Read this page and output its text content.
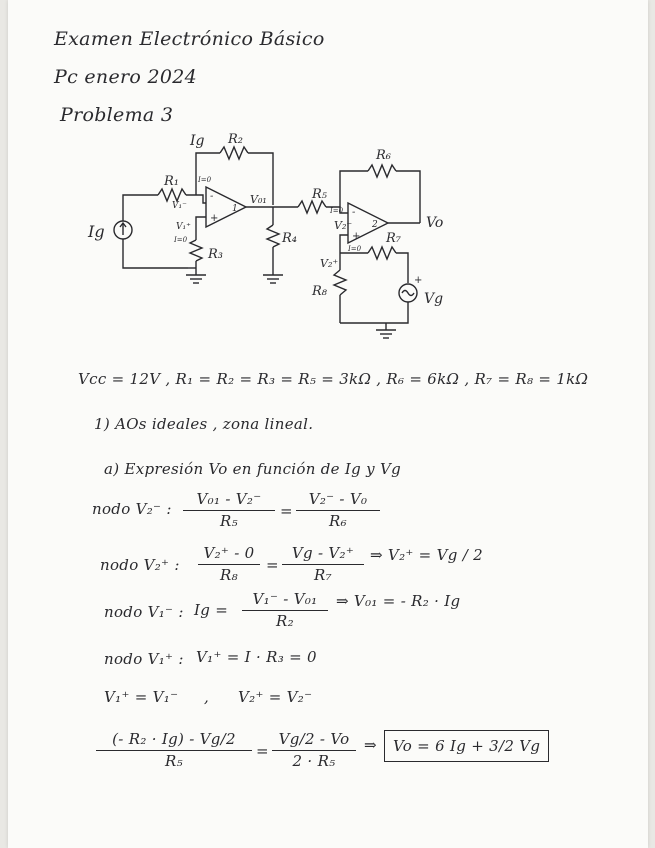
Examen Electrónico Básico
Pc enero 2024
Problema 3
Ig
Ig
R₁
R₂
R₃
R₄
R₅
R₆
R₇
R₈
V₁⁻
V₁⁺
I=0
I=0
V₀₁
I=0
V₂⁻
V₂⁺
I=0
Vo
Vg
1
2
+
-
+
-
+
Vcc = 12V , R₁ = R₂ = R₃ = R₅ = 3kΩ , R₆ = 6kΩ , R₇ = R₈ = 1kΩ
1) AOs ideales , zona lineal.
a) Expresión Vo en función de Ig y Vg
nodo V₂⁻ :
V₀₁ - V₂⁻
R₅
=
V₂⁻ - V₀
R₆
nodo V₂⁺ :
V₂⁺ - 0
R₈
=
Vg - V₂⁺
R₇
⇒ V₂⁺ = Vg / 2
nodo V₁⁻ : Ig =
V₁⁻ - V₀₁
R₂
⇒ V₀₁ = - R₂ · Ig
nodo V₁⁺ : V₁⁺ = I · R₃ = 0
V₁⁺ = V₁⁻ , V₂⁺ = V₂⁻
(- R₂ · Ig) - Vg/2
R₅
=
Vg/2 - Vo
2 · R₅
⇒	Vo = 6 Ig + 3/2 Vg
